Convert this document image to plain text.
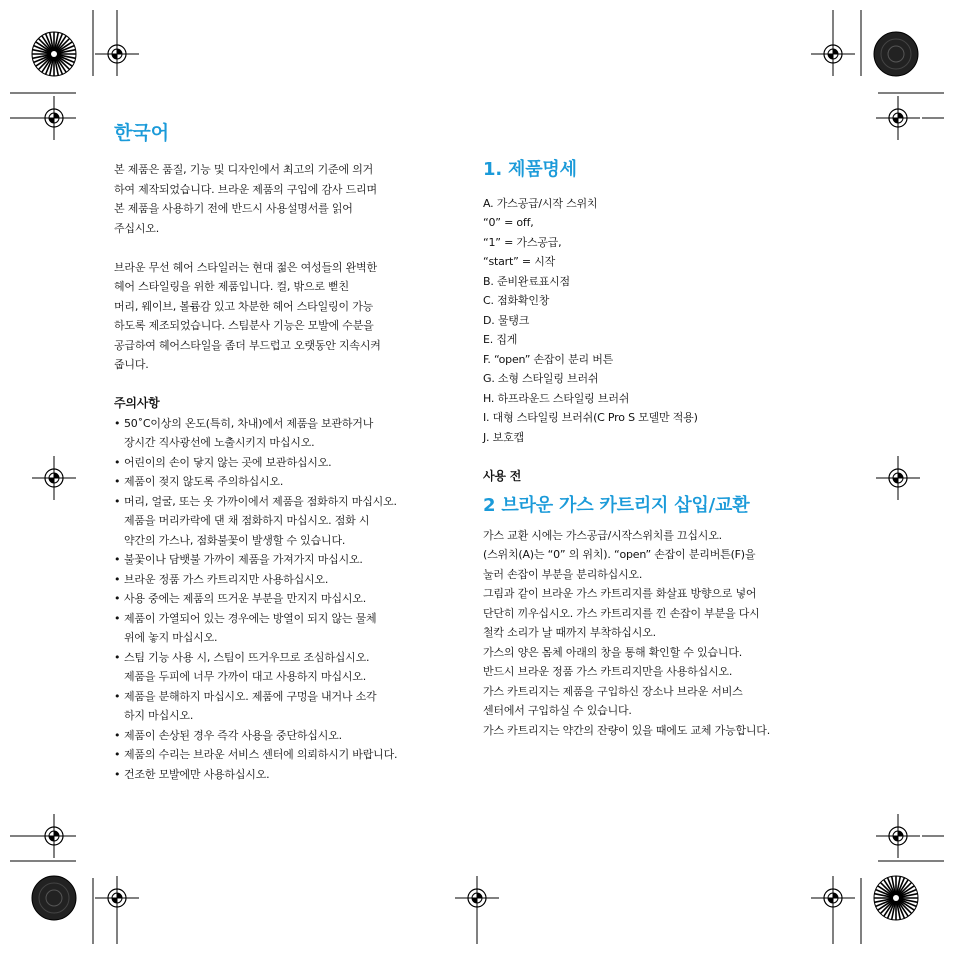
한국어

본 제품은 품질, 기능 및 디자인에서 최고의 기준에 의거
하여 제작되었습니다. 브라운 제품의 구입에 감사 드리며
본 제품을 사용하기 전에 반드시 사용설명서를 읽어
주십시오.

브라운 무선 헤어 스타일러는 현대 젊은 여성들의 완벽한
헤어 스타일링을 위한 제품입니다. 컬, 밖으로 뻗친
머리, 웨이브, 볼륨감 있고 차분한 헤어 스타일링이 가능
하도록 제조되었습니다. 스팀분사 기능은 모발에 수분을
공급하여 헤어스타일을 좀더 부드럽고 오랫동안 지속시켜
줍니다.

주의사항

• 50˚C이상의 온도(특히, 차내)에서 제품을 보관하거나
장시간 직사광선에 노출시키지 마십시오.
• 어린이의 손이 닿지 않는 곳에 보관하십시오.
• 제품이 젖지 않도록 주의하십시오.
• 머리, 얼굴, 또는 옷 가까이에서 제품을 점화하지 마십시오.
제품을 머리카락에 댄 채 점화하지 마십시오. 점화 시
약간의 가스나, 점화불꽃이 발생할 수 있습니다.
• 불꽃이나 담뱃불 가까이 제품을 가져가지 마십시오.
• 브라운 정품 가스 카트리지만 사용하십시오.
• 사용 중에는 제품의 뜨거운 부분을 만지지 마십시오.
• 제품이 가열되어 있는 경우에는 방열이 되지 않는 물체
위에 놓지 마십시오.
• 스팀 기능 사용 시, 스팀이 뜨거우므로 조심하십시오.
제품을 두피에 너무 가까이 대고 사용하지 마십시오.
• 제품을 분해하지 마십시오. 제품에 구멍을 내거나 소각
하지 마십시오.
• 제품이 손상된 경우 즉각 사용을 중단하십시오.
• 제품의 수리는 브라운 서비스 센터에 의뢰하시기 바랍니다.
• 건조한 모발에만 사용하십시오.
1. 제품명세
A. 가스공급/시작 스위치
“0” = off,
“1” = 가스공급,
“start” = 시작
B. 준비완료표시점
C. 점화확인창
D. 물탱크
E. 집게
F. “open” 손잡이 분리 버튼
G. 소형 스타일링 브러쉬
H. 하프라운드 스타일링 브러쉬
I. 대형 스타일링 브러쉬(C Pro S 모델만 적용)
J. 보호캡

사용 전

2 브라운 가스 카트리지 삽입/교환

가스 교환 시에는 가스공급/시작스위치를 끄십시오.
(스위치(A)는 “0” 의 위치). “open” 손잡이 분리버튼(F)을
눌러 손잡이 부분을 분리하십시오.
그림과 같이 브라운 가스 카트리지를 화살표 방향으로 넣어
단단히 끼우십시오. 가스 카트리지를 낀 손잡이 부분을 다시
철칵 소리가 날 때까지 부착하십시오.
가스의 양은 몸체 아래의 창을 통해 확인할 수 있습니다.
반드시 브라운 정품 가스 카트리지만을 사용하십시오.
가스 카트리지는 제품을 구입하신 장소나 브라운 서비스
센터에서 구입하실 수 있습니다.
가스 카트리지는 약간의 잔량이 있을 때에도 교체 가능합니다.
